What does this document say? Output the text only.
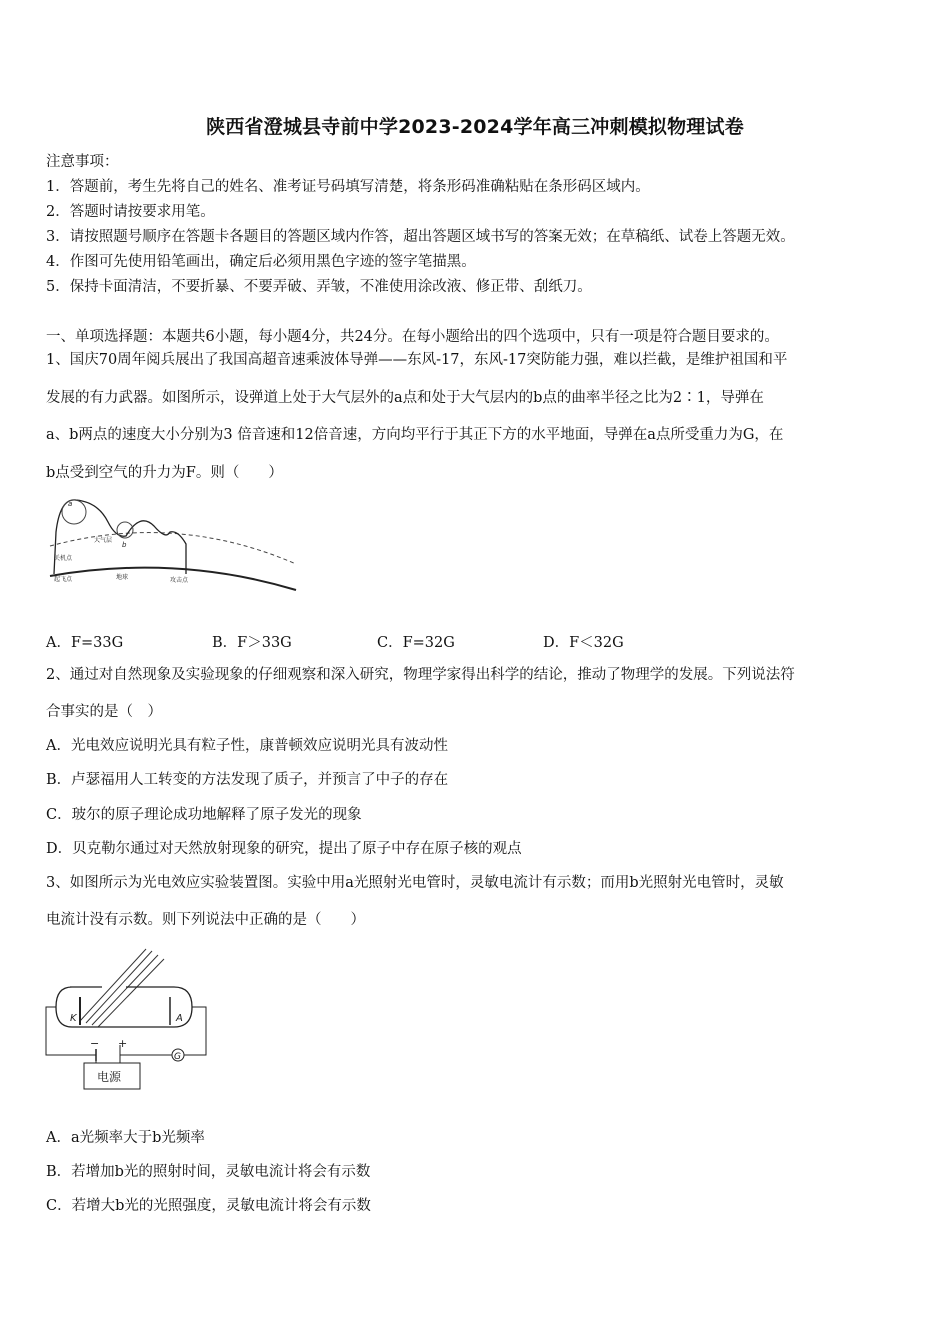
陕西省澄城县寺前中学2023-2024学年高三冲刺模拟物理试卷
注意事项：
1．答题前，考生先将自己的姓名、准考证号码填写清楚，将条形码准确粘贴在条形码区域内。
2．答题时请按要求用笔。
3．请按照题号顺序在答题卡各题目的答题区域内作答，超出答题区域书写的答案无效；在草稿纸、试卷上答题无效。
4．作图可先使用铅笔画出，确定后必须用黑色字迹的签字笔描黑。
5．保持卡面清洁，不要折暴、不要弄破、弄皱，不准使用涂改液、修正带、刮纸刀。
一、单项选择题：本题共6小题，每小题4分，共24分。在每小题给出的四个选项中，只有一项是符合题目要求的。
1、国庆70周年阅兵展出了我国高超音速乘波体导弹——东风-17，东风-17突防能力强，难以拦截，是维护祖国和平
发展的有力武器。如图所示，设弹道上处于大气层外的a点和处于大气层内的b点的曲率半径之比为2∶1，导弹在
a、b两点的速度大小分别为3 倍音速和12倍音速，方向均平行于其正下方的水平地面，导弹在a点所受重力为G，在
b点受到空气的升力为F。则（　　）
a
b
大气层
关机点
起飞点	地球	攻击点
A．F=33G	B．F＞33G	C．F=32G	D．F＜32G
2、通过对自然现象及实验现象的仔细观察和深入研究，物理学家得出科学的结论，推动了物理学的发展。下列说法符
合事实的是（　）
A．光电效应说明光具有粒子性，康普顿效应说明光具有波动性
B．卢瑟福用人工转变的方法发现了质子，并预言了中子的存在
C．玻尔的原子理论成功地解释了原子发光的现象
D．贝克勒尔通过对天然放射现象的研究，提出了原子中存在原子核的观点
3、如图所示为光电效应实验装置图。实验中用a光照射光电管时，灵敏电流计有示数；而用b光照射光电管时，灵敏
电流计没有示数。则下列说法中正确的是（　　）
K	A
− +
G
电源
A．a光频率大于b光频率
B．若增加b光的照射时间，灵敏电流计将会有示数
C．若增大b光的光照强度，灵敏电流计将会有示数
